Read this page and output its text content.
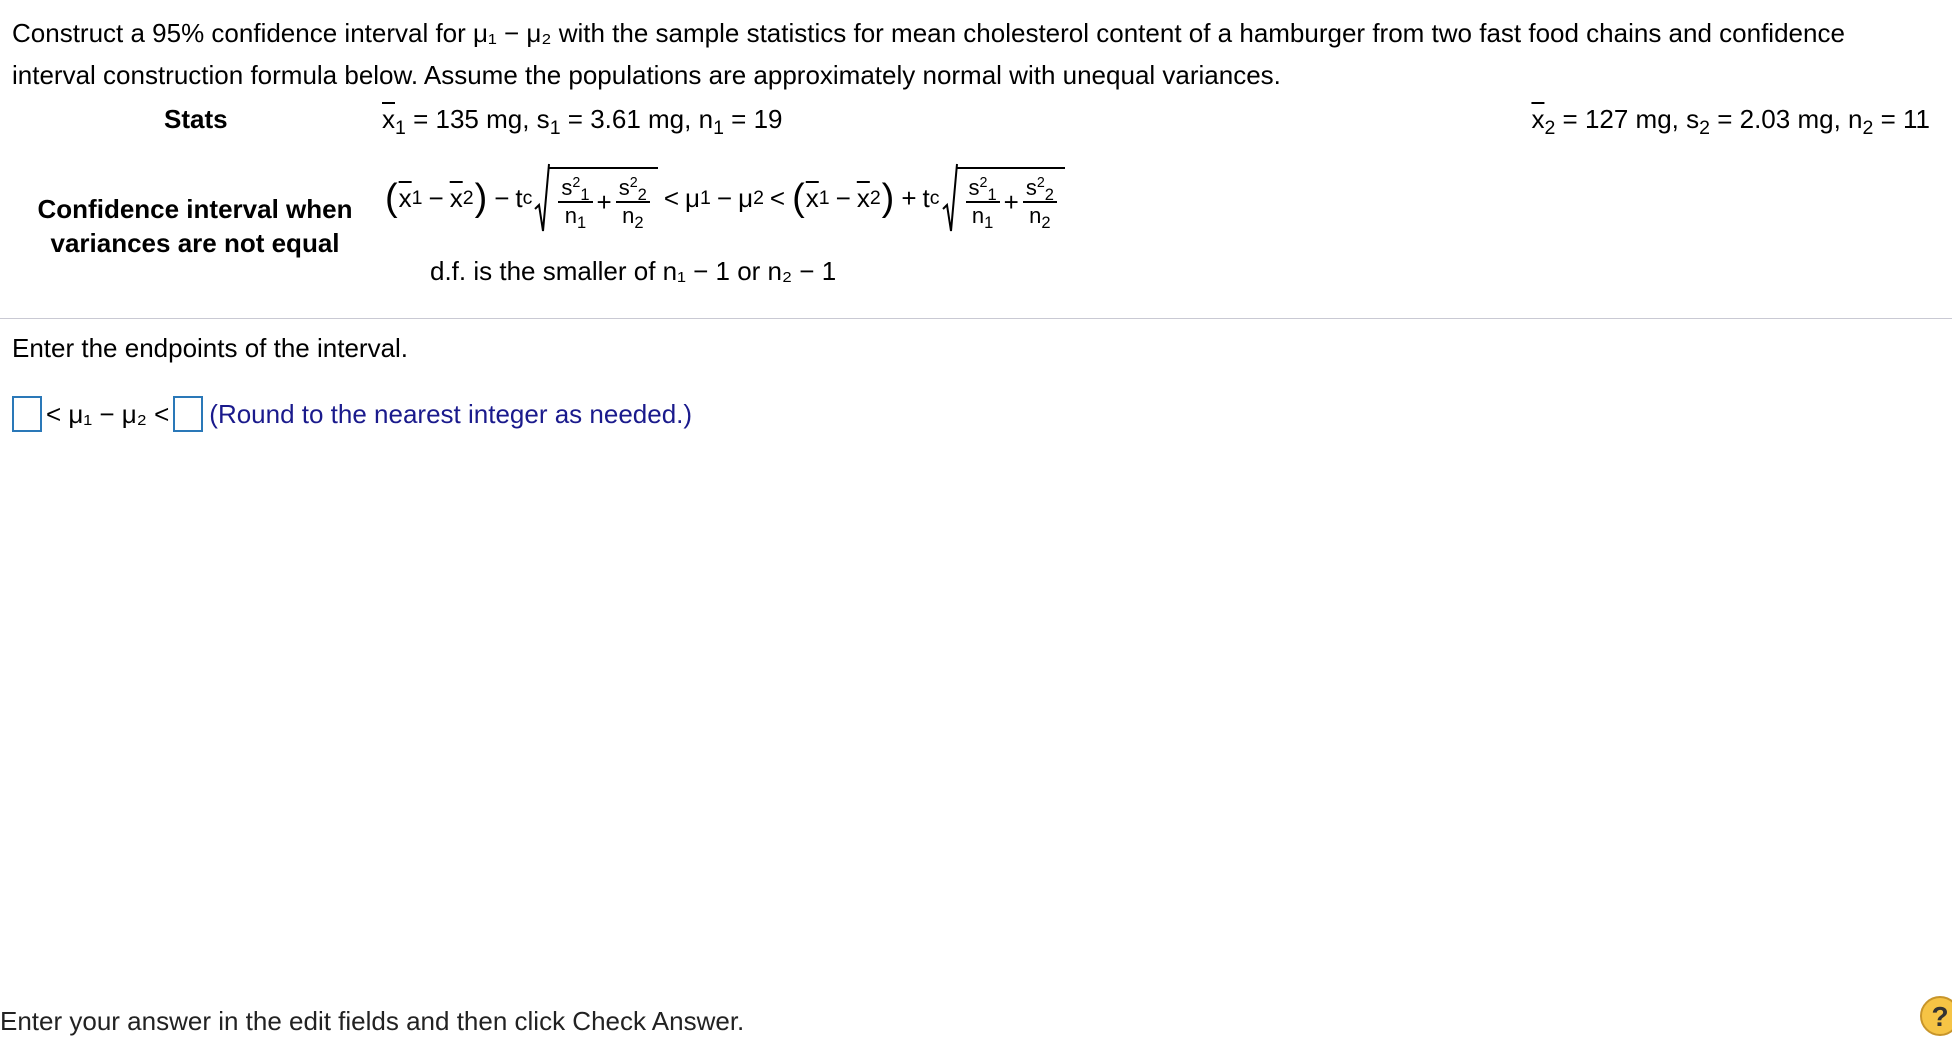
Construct a 95% confidence interval for μ₁ − μ₂ with the sample statistics for mean cholesterol content of a hamburger from two fast food chains and confidence interval construction formula below. Assume the populations are approximately normal with unequal variances.
Stats	$\overline{x}_1 = 135$ mg, $s_1 = 3.61$ mg, $n_1 = 19$	$\overline{x}_2 = 127$ mg, $s_2 = 2.03$ mg, $n_2 = 11$
Confidence interval when
variances are not equal
( $\overline{x}$ $1 - \overline{x}$ 2 ) − t c $\frac{s^2_1}{n_1} + \frac{s^2_2}{n_2} < \mu$ 1 − μ 2 < ( $\overline{x}$ $1 - \overline{x}$ 2 ) + t c $\frac{s^2_1}{n_1} + \frac{s^2_2}{n_2}$
d.f. is the smaller of n₁ − 1 or n₂ − 1
Enter the endpoints of the interval.
< μ₁ − μ₂ < (Round to the nearest integer as needed.)
Enter your answer in the edit fields and then click Check Answer.	?
